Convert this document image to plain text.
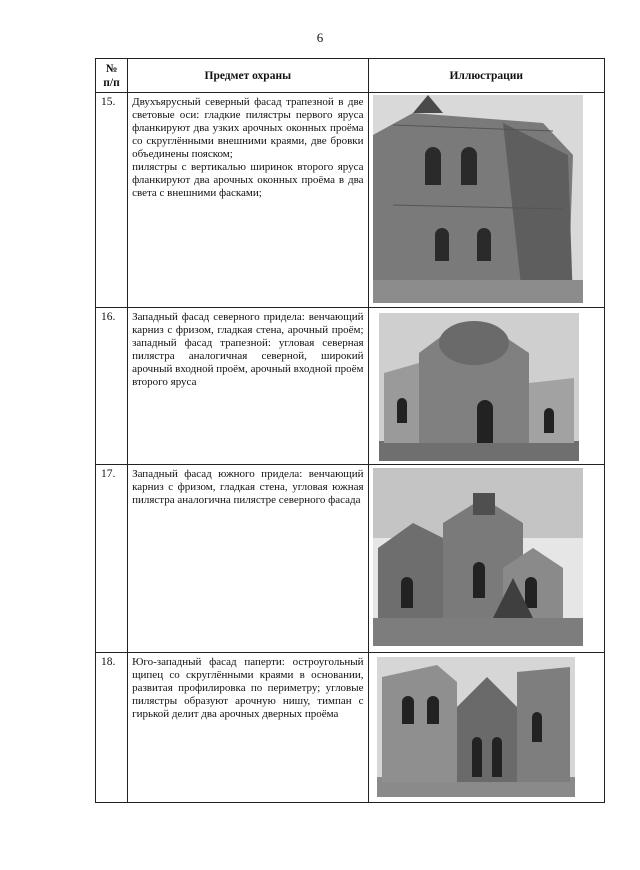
6
№
п/п	Предмет охраны	Иллюстрации
15.	Двухъярусный северный фасад трапезной в две световые оси: гладкие пилястры первого яруса фланкируют два узких арочных оконных проёма со скруглёнными внешними краями, две бровки объединены пояском;

пилястры с вертикалью ширинок второго яруса фланкируют два арочных оконных проёма в два света с внешними фасками;

16.	Западный фасад северного придела: венчающий карниз с фризом, гладкая стена, арочный проём; западный фасад трапезной: угловая северная пилястра аналогичная северной, широкий арочный входной проём, арочный входной проём второго яруса

17.	Западный фасад южного придела: венчающий карниз с фризом, гладкая стена, угловая южная пилястра аналогична пилястре северного фасада

18.	Юго-западный фасад паперти: остроугольный щипец со скруглёнными краями в основании, развитая профилировка по периметру; угловые пилястры образуют арочную нишу, тимпан с гирькой делит два арочных дверных проёма
